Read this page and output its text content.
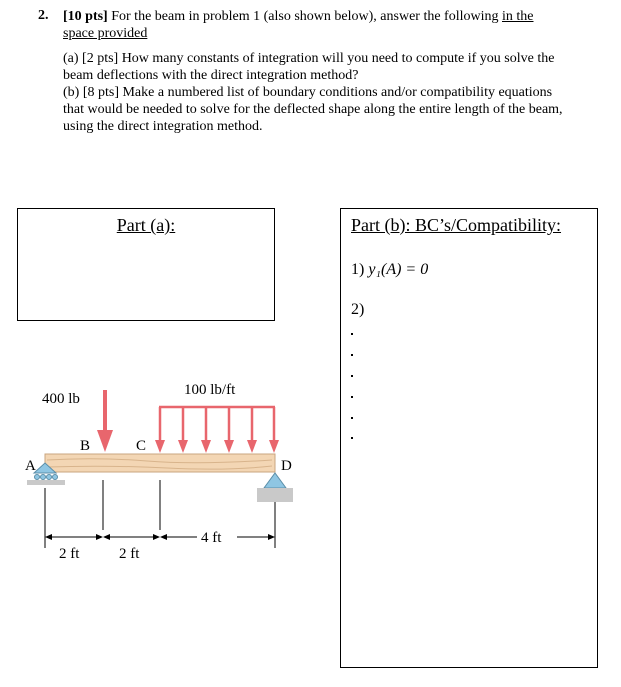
2. [10 pts] For the beam in problem 1 (also shown below), answer the following in the space provided
(a) [2 pts] How many constants of integration will you need to compute if you solve the beam deflections with the direct integration method?
(b) [8 pts] Make a numbered list of boundary conditions and/or compatibility equations that would be needed to solve for the deflected shape along the entire length of the beam, using the direct integration method.
Part (a):	Part (b): BC’s/Compatibility:
1) y₁(A) = 0
2)
400 lb
100 lb/ft
A
B	C
D
2 ft	2 ft
4 ft
